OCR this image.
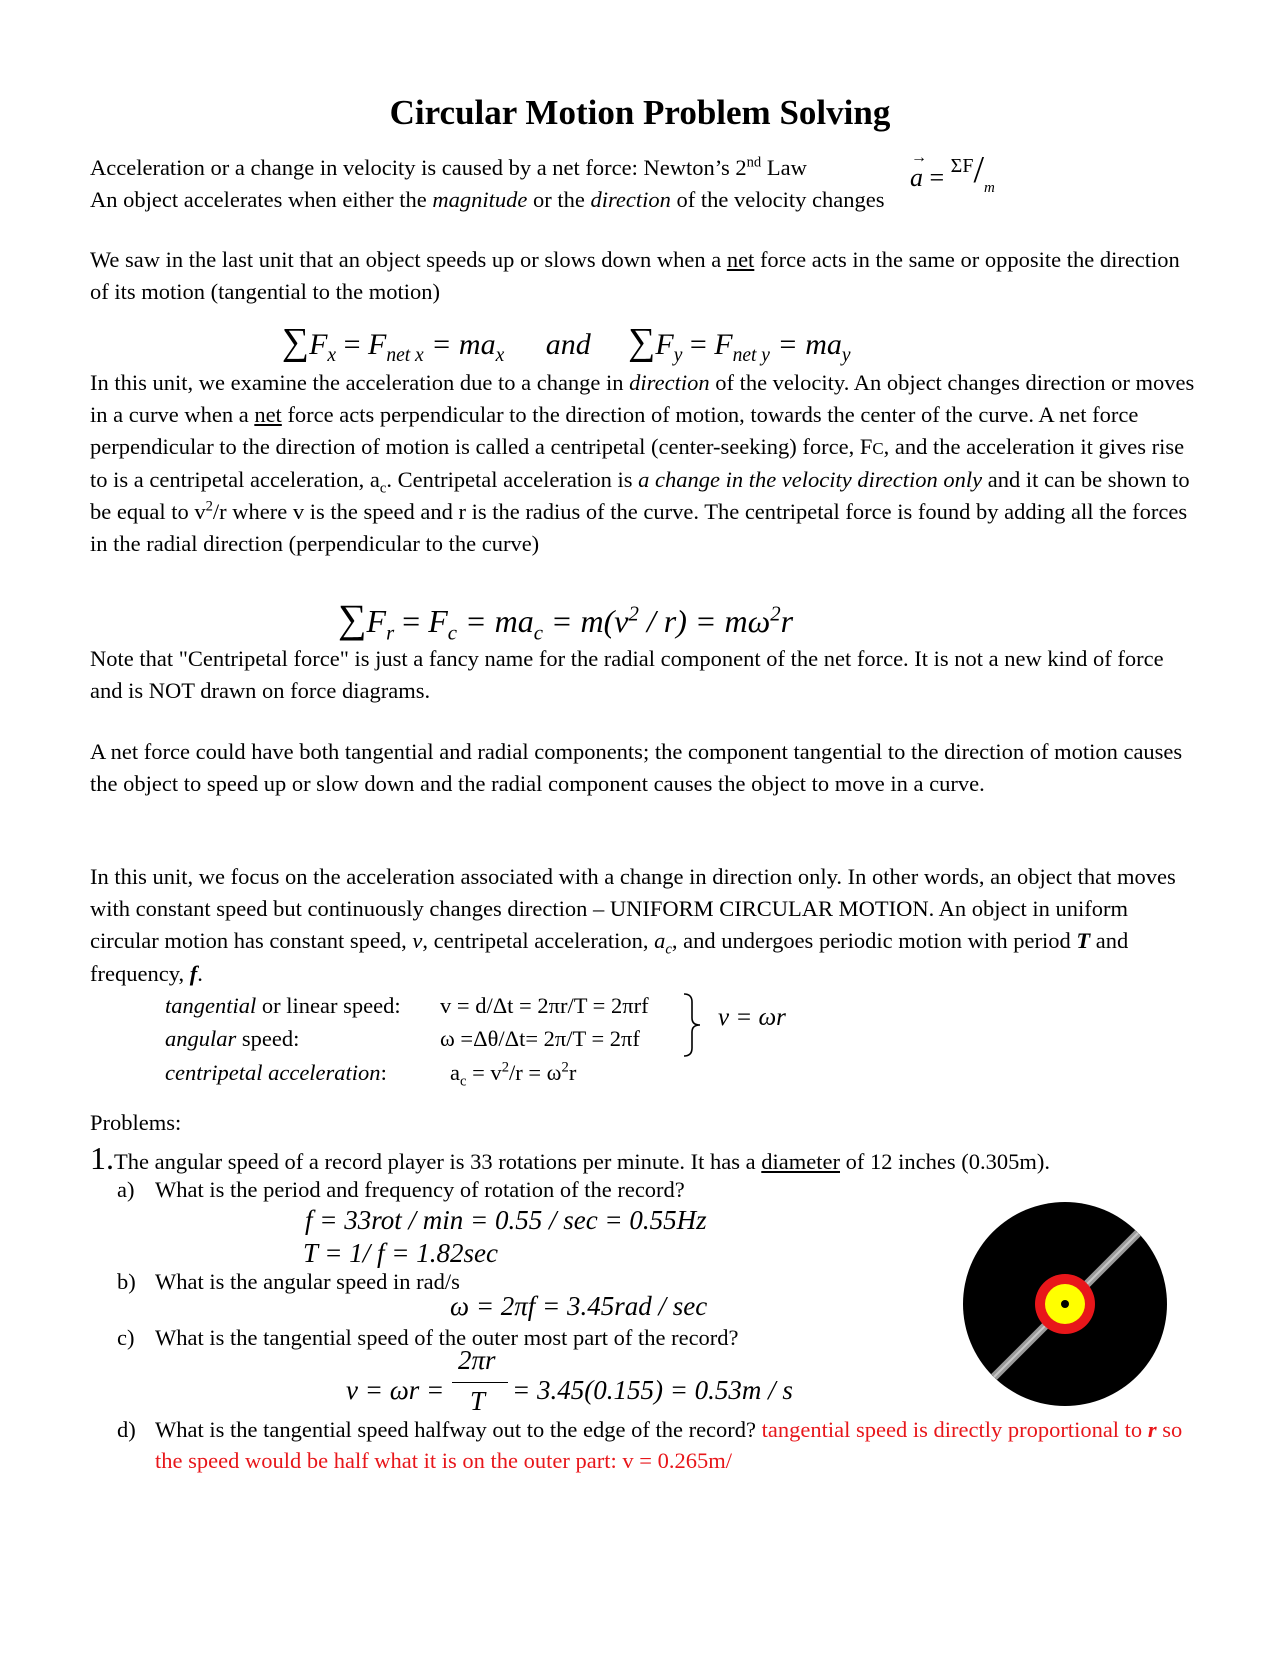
Circular Motion Problem Solving
Acceleration or a change in velocity is caused by a net force: Newton’s 2nd Law	a
→
= $\Sigma F/_m$
An object accelerates when either the magnitude or the direction of the velocity changes

We saw in the last unit that an object speeds up or slows down when a net force acts in the same or opposite the direction of its motion (tangential to the motion)

$\sum F_x = F_{net x} = ma_x$ and $\sum F_y = F_{net y} = ma_y$

In this unit, we examine the acceleration due to a change in direction of the velocity. An object changes direction or moves in a curve when a net force acts perpendicular to the direction of motion, towards the center of the curve. A net force perpendicular to the direction of motion is called a centripetal (center-seeking) force, FC, and the acceleration it gives rise to is a centripetal acceleration, $a_c$. Centripetal acceleration is a change in the velocity direction only and it can be shown to be equal to $v^2/r$ where v is the speed and r is the radius of the curve. The centripetal force is found by adding all the forces in the radial direction (perpendicular to the curve)

$\sum F_r = F_c = ma_c = m(v^2 / r) = m\omega^2r$

Note that "Centripetal force" is just a fancy name for the radial component of the net force. It is not a new kind of force and is NOT drawn on force diagrams.

A net force could have both tangential and radial components; the component tangential to the direction of motion causes the object to speed up or slow down and the radial component causes the object to move in a curve.

In this unit, we focus on the acceleration associated with a change in direction only. In other words, an object that moves with constant speed but continuously changes direction – UNIFORM CIRCULAR MOTION. An object in uniform circular motion has constant speed, v, centripetal acceleration, $a_c$, and undergoes periodic motion with period T and frequency, f.

tangential or linear speed: v = d/Δt = 2πr/T = 2πrf
angular speed:	ω =Δθ/Δt= 2π/T = 2πf
centripetal acceleration:	$a_c = v^2/r = \omega^2r$
v = ωr
Problems:
1.The angular speed of a record player is 33 rotations per minute. It has a diameter of 12 inches (0.305m).
a) What is the period and frequency of rotation of the record?
f = 33rot / min = 0.55 / sec = 0.55Hz
T = 1/ f = 1.82sec
b) What is the angular speed in rad/s
ω = 2πf = 3.45rad / sec
c) What is the tangential speed of the outer most part of the record?
v = ωr =
2πr
T = 3.45(0.155) = 0.53m / s
d) What is the tangential speed halfway out to the edge of the record? tangential speed is directly proportional to r so the speed would be half what it is on the outer part: v = 0.265m/
